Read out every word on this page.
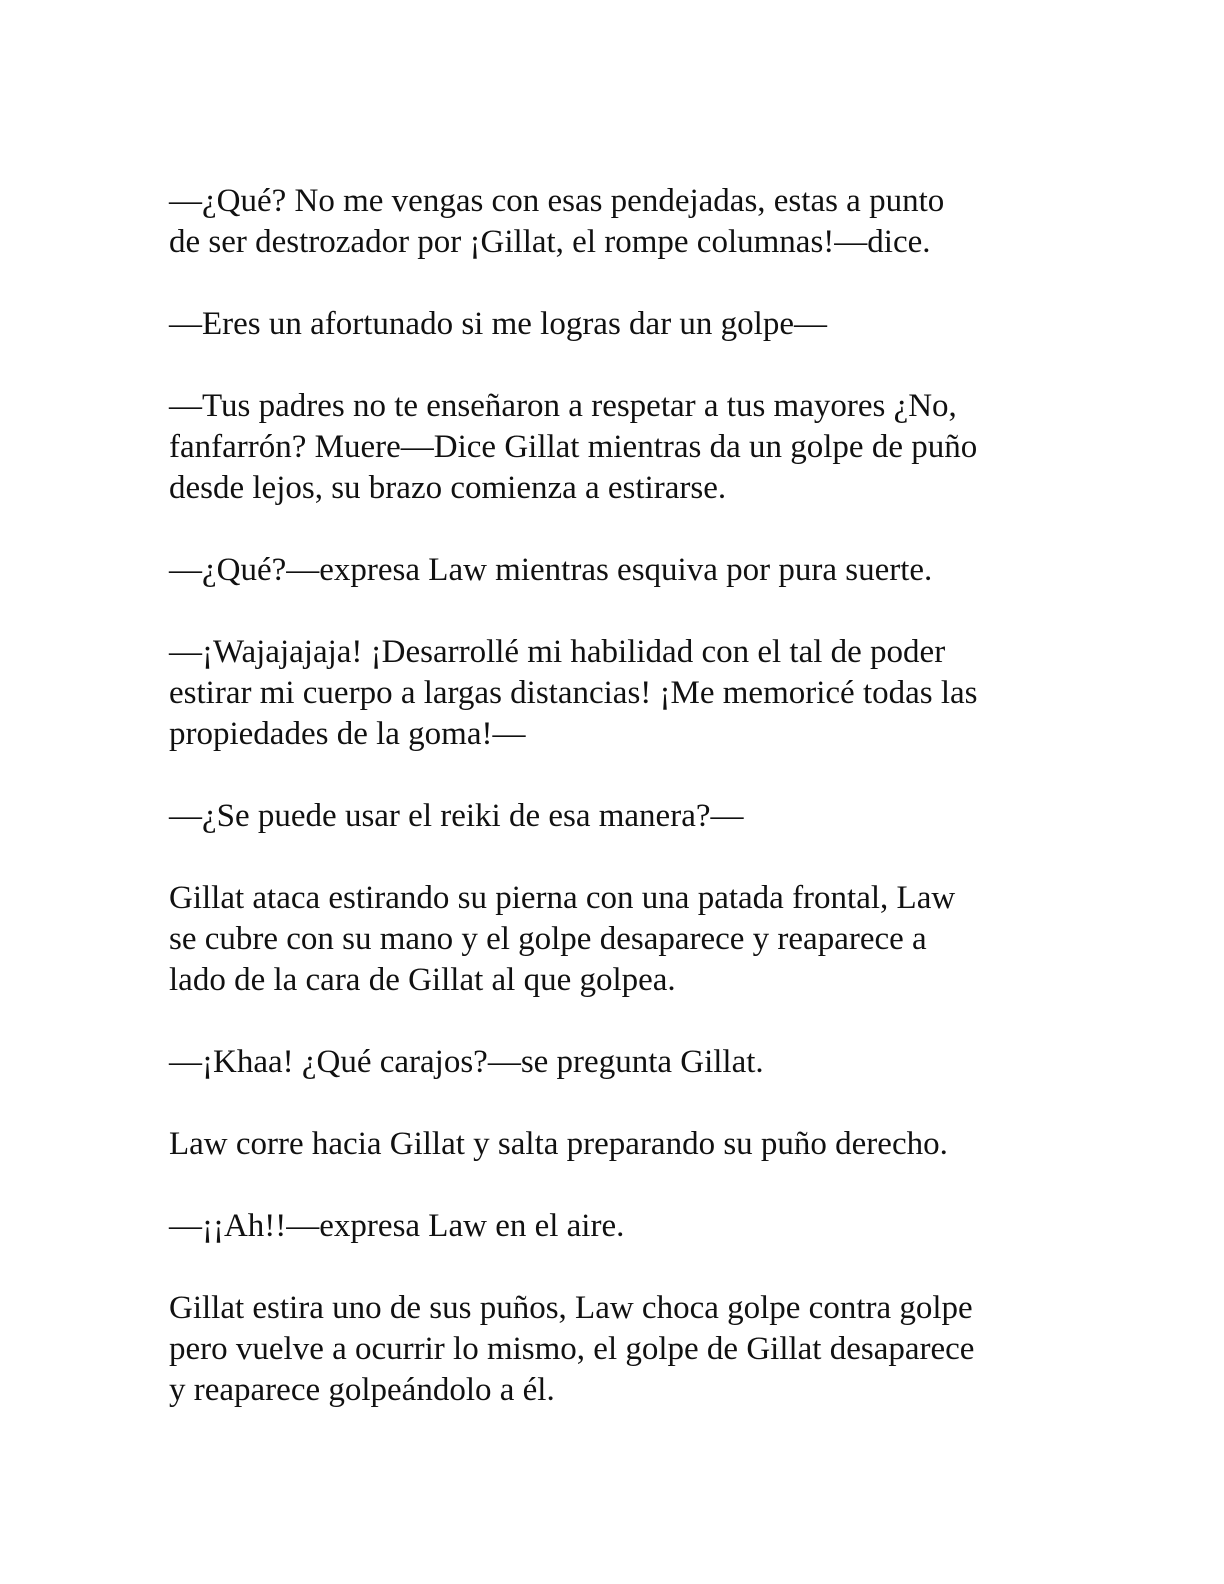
—¿Qué? No me vengas con esas pendejadas, estas a punto
de ser destrozador por ¡Gillat, el rompe columnas!—dice.

—Eres un afortunado si me logras dar un golpe—

—Tus padres no te enseñaron a respetar a tus mayores ¿No,
fanfarrón? Muere—Dice Gillat mientras da un golpe de puño
desde lejos, su brazo comienza a estirarse.

—¿Qué?—expresa Law mientras esquiva por pura suerte.

—¡Wajajajaja! ¡Desarrollé mi habilidad con el tal de poder
estirar mi cuerpo a largas distancias! ¡Me memoricé todas las
propiedades de la goma!—

—¿Se puede usar el reiki de esa manera?—

Gillat ataca estirando su pierna con una patada frontal, Law
se cubre con su mano y el golpe desaparece y reaparece a
lado de la cara de Gillat al que golpea.

—¡Khaa! ¿Qué carajos?—se pregunta Gillat.

Law corre hacia Gillat y salta preparando su puño derecho.

—¡¡Ah!!—expresa Law en el aire.

Gillat estira uno de sus puños, Law choca golpe contra golpe
pero vuelve a ocurrir lo mismo, el golpe de Gillat desaparece
y reaparece golpeándolo a él.
